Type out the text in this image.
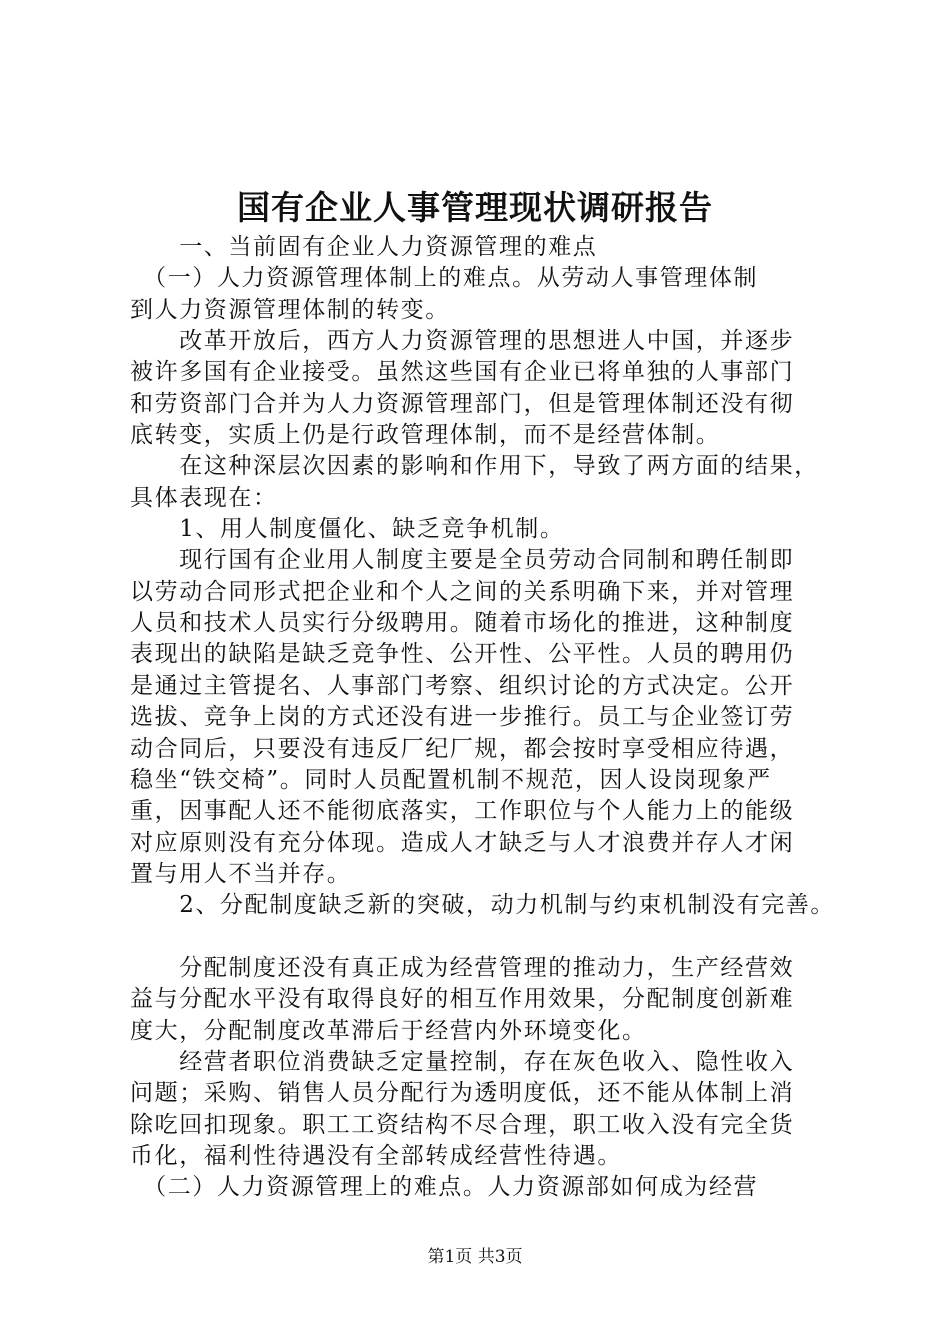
国有企业人事管理现状调研报告
　　一、当前固有企业人力资源管理的难点
　（一）人力资源管理体制上的难点。从劳动人事管理体制
到人力资源管理体制的转变。
　　改革开放后，西方人力资源管理的思想进人中国，并逐步
被许多国有企业接受。虽然这些国有企业已将单独的人事部门
和劳资部门合并为人力资源管理部门，但是管理体制还没有彻
底转变，实质上仍是行政管理体制，而不是经营体制。
　　在这种深层次因素的影响和作用下，导致了两方面的结果，
具体表现在：
　　1、用人制度僵化、缺乏竞争机制。
　　现行国有企业用人制度主要是全员劳动合同制和聘任制即
以劳动合同形式把企业和个人之间的关系明确下来，并对管理
人员和技术人员实行分级聘用。随着市场化的推进，这种制度
表现出的缺陷是缺乏竞争性、公开性、公平性。人员的聘用仍
是通过主管提名、人事部门考察、组织讨论的方式决定。公开
选拔、竞争上岗的方式还没有进一步推行。员工与企业签订劳
动合同后，只要没有违反厂纪厂规，都会按时享受相应待遇，
稳坐“铁交椅”。同时人员配置机制不规范，因人设岗现象严
重，因事配人还不能彻底落实，工作职位与个人能力上的能级
对应原则没有充分体现。造成人才缺乏与人才浪费并存人才闲
置与用人不当并存。
　　2、分配制度缺乏新的突破，动力机制与约束机制没有完善。
　　分配制度还没有真正成为经营管理的推动力，生产经营效
益与分配水平没有取得良好的相互作用效果，分配制度创新难
度大，分配制度改革滞后于经营内外环境变化。
　　经营者职位消费缺乏定量控制，存在灰色收入、隐性收入
问题；采购、销售人员分配行为透明度低，还不能从体制上消
除吃回扣现象。职工工资结构不尽合理，职工收入没有完全货
币化，福利性待遇没有全部转成经营性待遇。
　（二）人力资源管理上的难点。人力资源部如何成为经营
第1页 共3页
